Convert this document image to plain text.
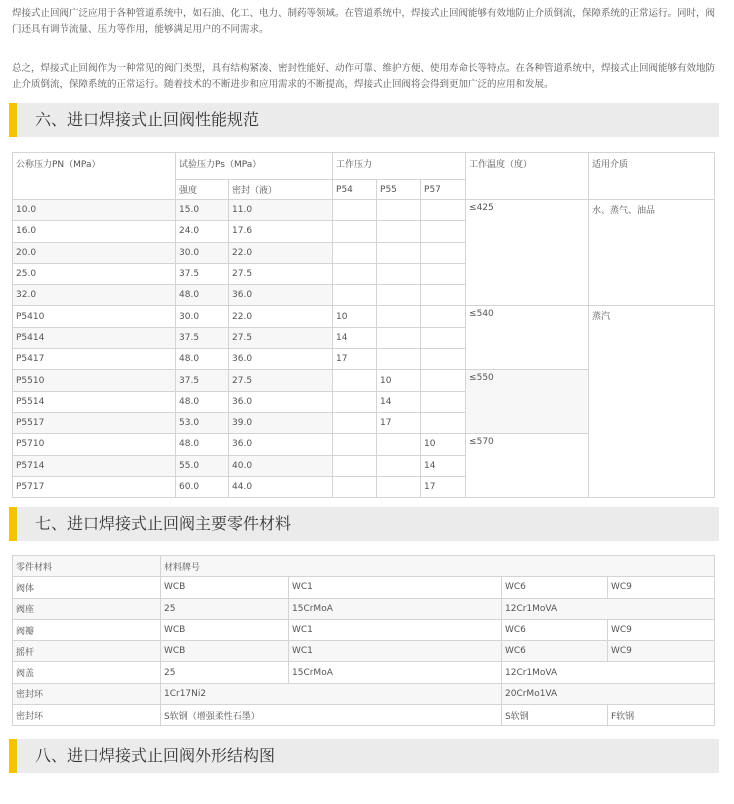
焊接式止回阀广泛应用于各种管道系统中，如石油、化工、电力、制药等领域。在管道系统中，焊接式止回阀能够有效地防止介质倒流，保障系统的正常运行。同时，阀门还具有调节流量、压力等作用，能够满足用户的不同需求。

总之，焊接式止回阀作为一种常见的阀门类型，具有结构紧凑、密封性能好、动作可靠、维护方便、使用寿命长等特点。在各种管道系统中，焊接式止回阀能够有效地防止介质倒流，保障系统的正常运行。随着技术的不断进步和应用需求的不断提高，焊接式止回阀将会得到更加广泛的应用和发展。

六、进口焊接式止回阀性能规范
公称压力PN（MPa）	试验压力Ps（MPa）		工作压力			工作温度（度）	适用介质
	强度	密封（液）	P54	P55	P57		
10.0	15.0	11.0				≤425	水、蒸气、油品
16.0	24.0	17.6					
20.0	30.0	22.0					
25.0	37.5	27.5					
32.0	48.0	36.0					
P5410	30.0	22.0	10			≤540	蒸汽
P5414	37.5	27.5	14				
P5417	48.0	36.0	17				
P5510	37.5	27.5		10		≤550	
P5514	48.0	36.0		14			
P5517	53.0	39.0		17			
P5710	48.0	36.0			10	≤570	
P5714	55.0	40.0			14		
P5717	60.0	44.0			17		
七、进口焊接式止回阀主要零件材料
零件材料	材料牌号			
阀体	WCB	WC1	WC6	WC9
阀座	25	15CrMoA	12Cr1MoVA	
阀瓣	WCB	WC1	WC6	WC9
摇杆	WCB	WC1	WC6	WC9
阀盖	25	15CrMoA	12Cr1MoVA	
密封环	1Cr17Ni2		20CrMo1VA	
密封环	S软钢（增强柔性石墨）		S软钢	F软钢
八、进口焊接式止回阀外形结构图
